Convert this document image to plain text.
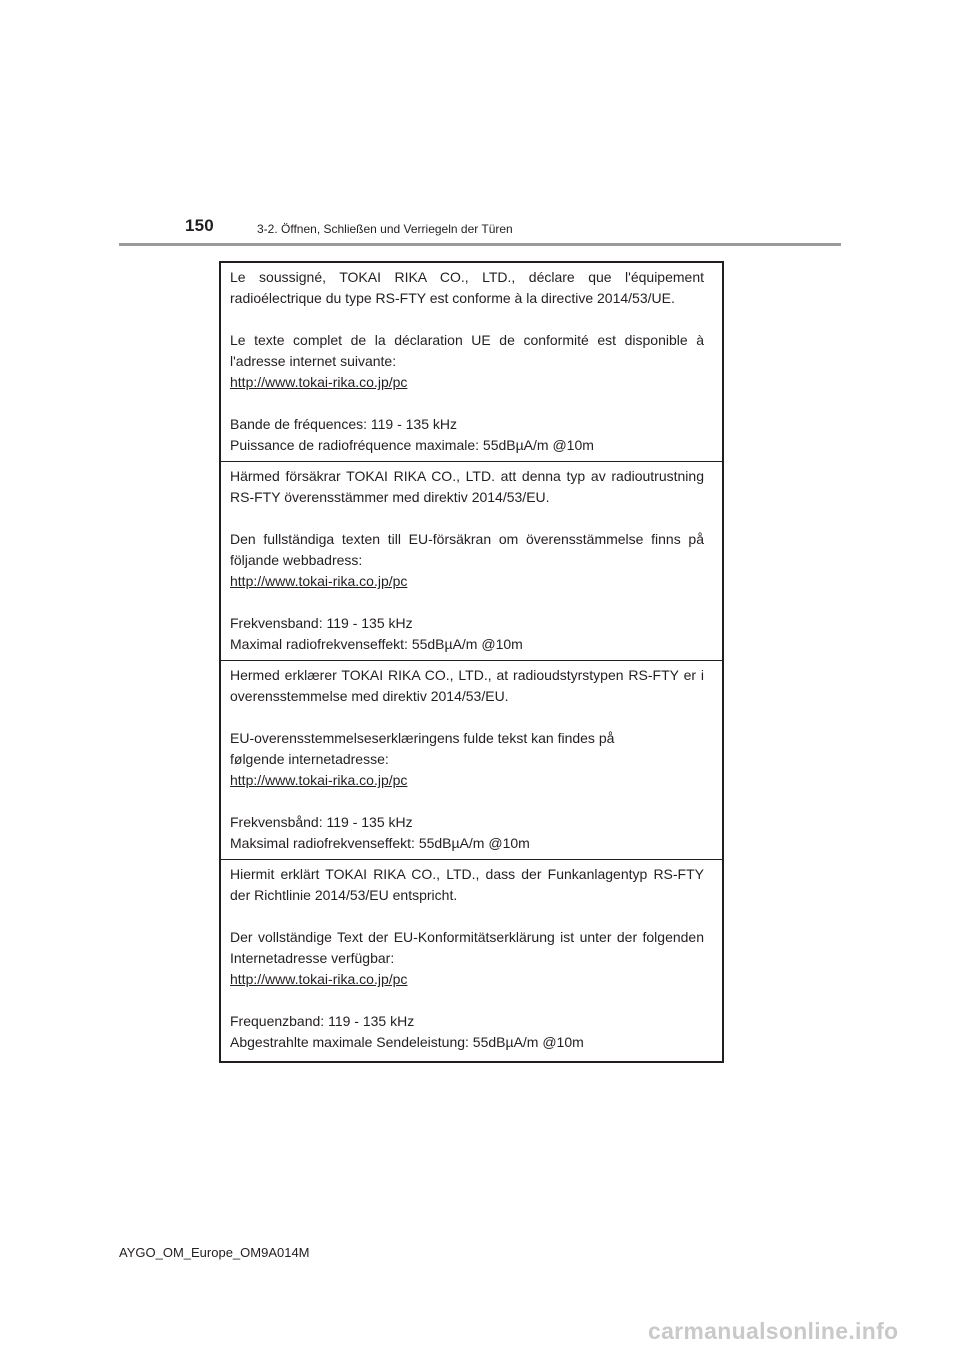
150	3-2. Öffnen, Schließen und Verriegeln der Türen

Le soussigné, TOKAI RIKA CO., LTD., déclare que l'équipement radioélectrique du type RS-FTY est conforme à la directive 2014/53/UE.

Le texte complet de la déclaration UE de conformité est disponible à l'adresse internet suivante:

http://www.tokai-rika.co.jp/pc

Bande de fréquences: 119 - 135 kHz

Puissance de radiofréquence maximale: 55dBµA/m @10m

Härmed försäkrar TOKAI RIKA CO., LTD. att denna typ av radioutrustning RS-FTY överensstämmer med direktiv 2014/53/EU.

Den fullständiga texten till EU-försäkran om överensstämmelse finns på följande webbadress:

http://www.tokai-rika.co.jp/pc

Frekvensband: 119 - 135 kHz

Maximal radiofrekvenseffekt: 55dBµA/m @10m

Hermed erklærer TOKAI RIKA CO., LTD., at radioudstyrstypen RS-FTY er i overensstemmelse med direktiv 2014/53/EU.

EU-overensstemmelseserklæringens fulde tekst kan findes på

følgende internetadresse:

http://www.tokai-rika.co.jp/pc

Frekvensbånd: 119 - 135 kHz

Maksimal radiofrekvenseffekt: 55dBµA/m @10m

Hiermit erklärt TOKAI RIKA CO., LTD., dass der Funkanlagentyp RS-FTY der Richtlinie 2014/53/EU entspricht.

Der vollständige Text der EU-Konformitätserklärung ist unter der folgenden Internetadresse verfügbar:

http://www.tokai-rika.co.jp/pc

Frequenzband: 119 - 135 kHz

Abgestrahlte maximale Sendeleistung: 55dBµA/m @10m

AYGO_OM_Europe_OM9A014M
carmanualsonline.info
